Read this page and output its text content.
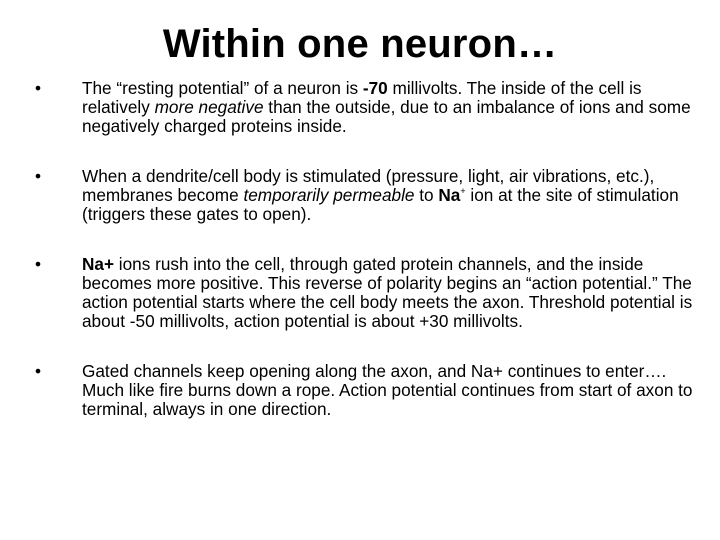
Within one neuron…
•	The “resting potential” of a neuron is -70 millivolts. The inside of the cell is relatively more negative than the outside, due to an imbalance of ions and some negatively charged proteins inside.
•	When a dendrite/cell body is stimulated (pressure, light, air vibrations, etc.), membranes become temporarily permeable to Na+ ion at the site of stimulation (triggers these gates to open).
•	Na+ ions rush into the cell, through gated protein channels, and the inside becomes more positive. This reverse of polarity begins an “action potential.” The action potential starts where the cell body meets the axon. Threshold potential is about -50 millivolts, action potential is about +30 millivolts.
•	Gated channels keep opening along the axon, and Na+ continues to enter…. Much like fire burns down a rope. Action potential continues from start of axon to terminal, always in one direction.
